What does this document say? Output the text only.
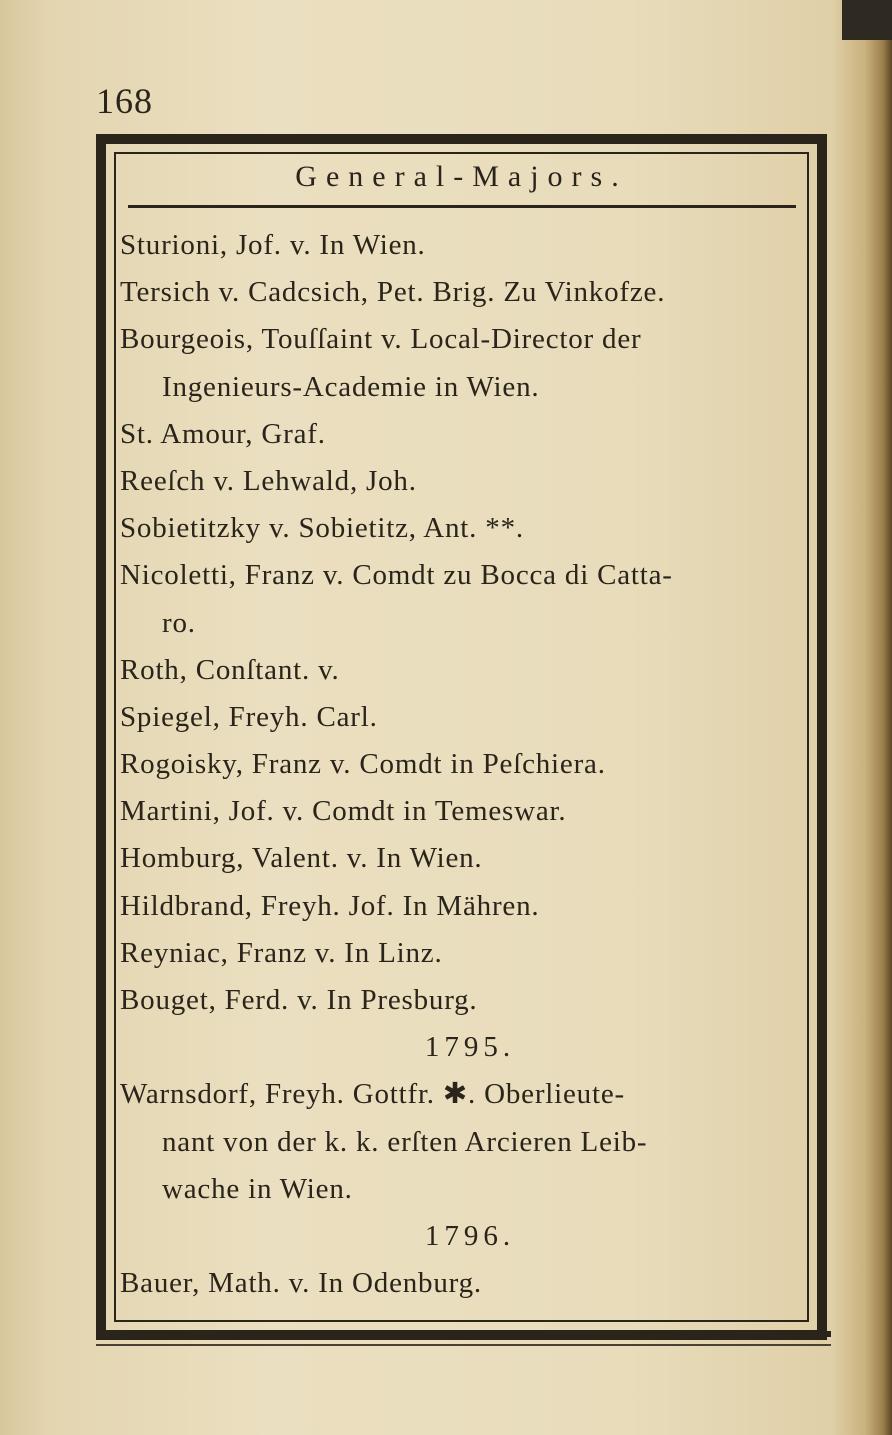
168
General-Majors.
Sturioni, Jof. v. In Wien.
Tersich v. Cadcsich, Pet. Brig. Zu Vinkofze.
Bourgeois, Touſſaint v. Local-Director der
Ingenieurs-Academie in Wien.
St. Amour, Graf.
Reeſch v. Lehwald, Joh.
Sobietitzky v. Sobietitz, Ant. **.
Nicoletti, Franz v. Comdt zu Bocca di Catta-
ro.
Roth, Conſtant. v.
Spiegel, Freyh. Carl.
Rogoisky, Franz v. Comdt in Peſchiera.
Martini, Jof. v. Comdt in Temeswar.
Homburg, Valent. v. In Wien.
Hildbrand, Freyh. Jof. In Mähren.
Reyniac, Franz v. In Linz.
Bouget, Ferd. v. In Presburg.
1795.
Warnsdorf, Freyh. Gottfr. ✱. Oberlieute-
nant von der k. k. erſten Arcieren Leib-
wache in Wien.
1796.
Bauer, Math. v. In Odenburg.
